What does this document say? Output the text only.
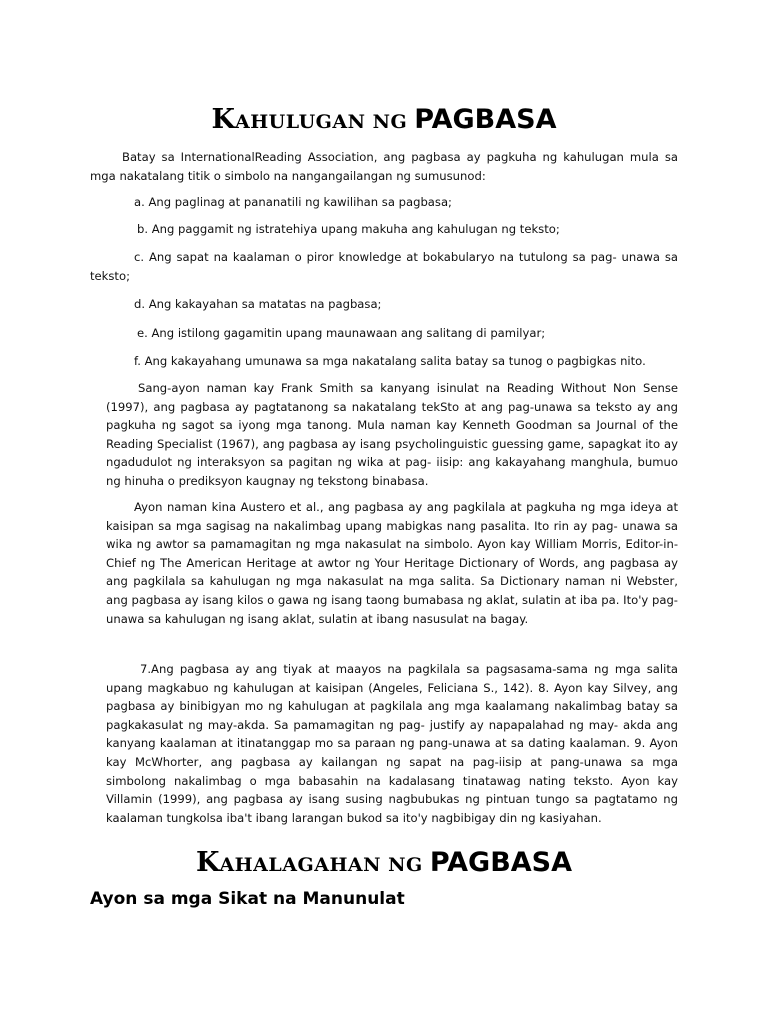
KAHULUGAN NG PAGBASA

Batay sa InternationalReading Association, ang pagbasa ay pagkuha ng kahulugan mula sa mga nakatalang titik o simbolo na nangangailangan ng sumusunod:

a. Ang paglinag at pananatili ng kawilihan sa pagbasa;

b. Ang paggamit ng istratehiya upang makuha ang kahulugan ng teksto;

c. Ang sapat na kaalaman o piror knowledge at bokabularyo na tutulong sa pag- unawa sa teksto;

d. Ang kakayahan sa matatas na pagbasa;

e. Ang istilong gagamitin upang maunawaan ang salitang di pamilyar;

f. Ang kakayahang umunawa sa mga nakatalang salita batay sa tunog o pagbigkas nito.

Sang-ayon naman kay Frank Smith sa kanyang isinulat na Reading Without Non Sense (1997), ang pagbasa ay pagtatanong sa nakatalang tekSto at ang pag-unawa sa teksto ay ang pagkuha ng sagot sa iyong mga tanong. Mula naman kay Kenneth Goodman sa Journal of the Reading Specialist (1967), ang pagbasa ay isang psycholinguistic guessing game, sapagkat ito ay ngadudulot ng interaksyon sa pagitan ng wika at pag- iisip: ang kakayahang manghula, bumuo ng hinuha o prediksyon kaugnay ng tekstong binabasa.

Ayon naman kina Austero et al., ang pagbasa ay ang pagkilala at pagkuha ng mga ideya at kaisipan sa mga sagisag na nakalimbag upang mabigkas nang pasalita. Ito rin ay pag- unawa sa wika ng awtor sa pamamagitan ng mga nakasulat na simbolo. Ayon kay William Morris, Editor-in-Chief ng The American Heritage at awtor ng Your Heritage Dictionary of Words, ang pagbasa ay ang pagkilala sa kahulugan ng mga nakasulat na mga salita. Sa Dictionary naman ni Webster, ang pagbasa ay isang kilos o gawa ng isang taong bumabasa ng aklat, sulatin at iba pa. Ito'y pag-unawa sa kahulugan ng isang aklat, sulatin at ibang nasusulat na bagay.

7.Ang pagbasa ay ang tiyak at maayos na pagkilala sa pagsasama-sama ng mga salita upang magkabuo ng kahulugan at kaisipan (Angeles, Feliciana S., 142). 8. Ayon kay Silvey, ang pagbasa ay binibigyan mo ng kahulugan at pagkilala ang mga kaalamang nakalimbag batay sa pagkakasulat ng may-akda. Sa pamamagitan ng pag- justify ay napapalahad ng may- akda ang kanyang kaalaman at itinatanggap mo sa paraan ng pang-unawa at sa dating kaalaman. 9. Ayon kay McWhorter, ang pagbasa ay kailangan ng sapat na pag-iisip at pang-unawa sa mga simbolong nakalimbag o mga babasahin na kadalasang tinatawag nating teksto. Ayon kay Villamin (1999), ang pagbasa ay isang susing nagbubukas ng pintuan tungo sa pagtatamo ng kaalaman tungkolsa iba't ibang larangan bukod sa ito'y nagbibigay din ng kasiyahan.

KAHALAGAHAN NG PAGBASA
Ayon sa mga Sikat na Manunulat
